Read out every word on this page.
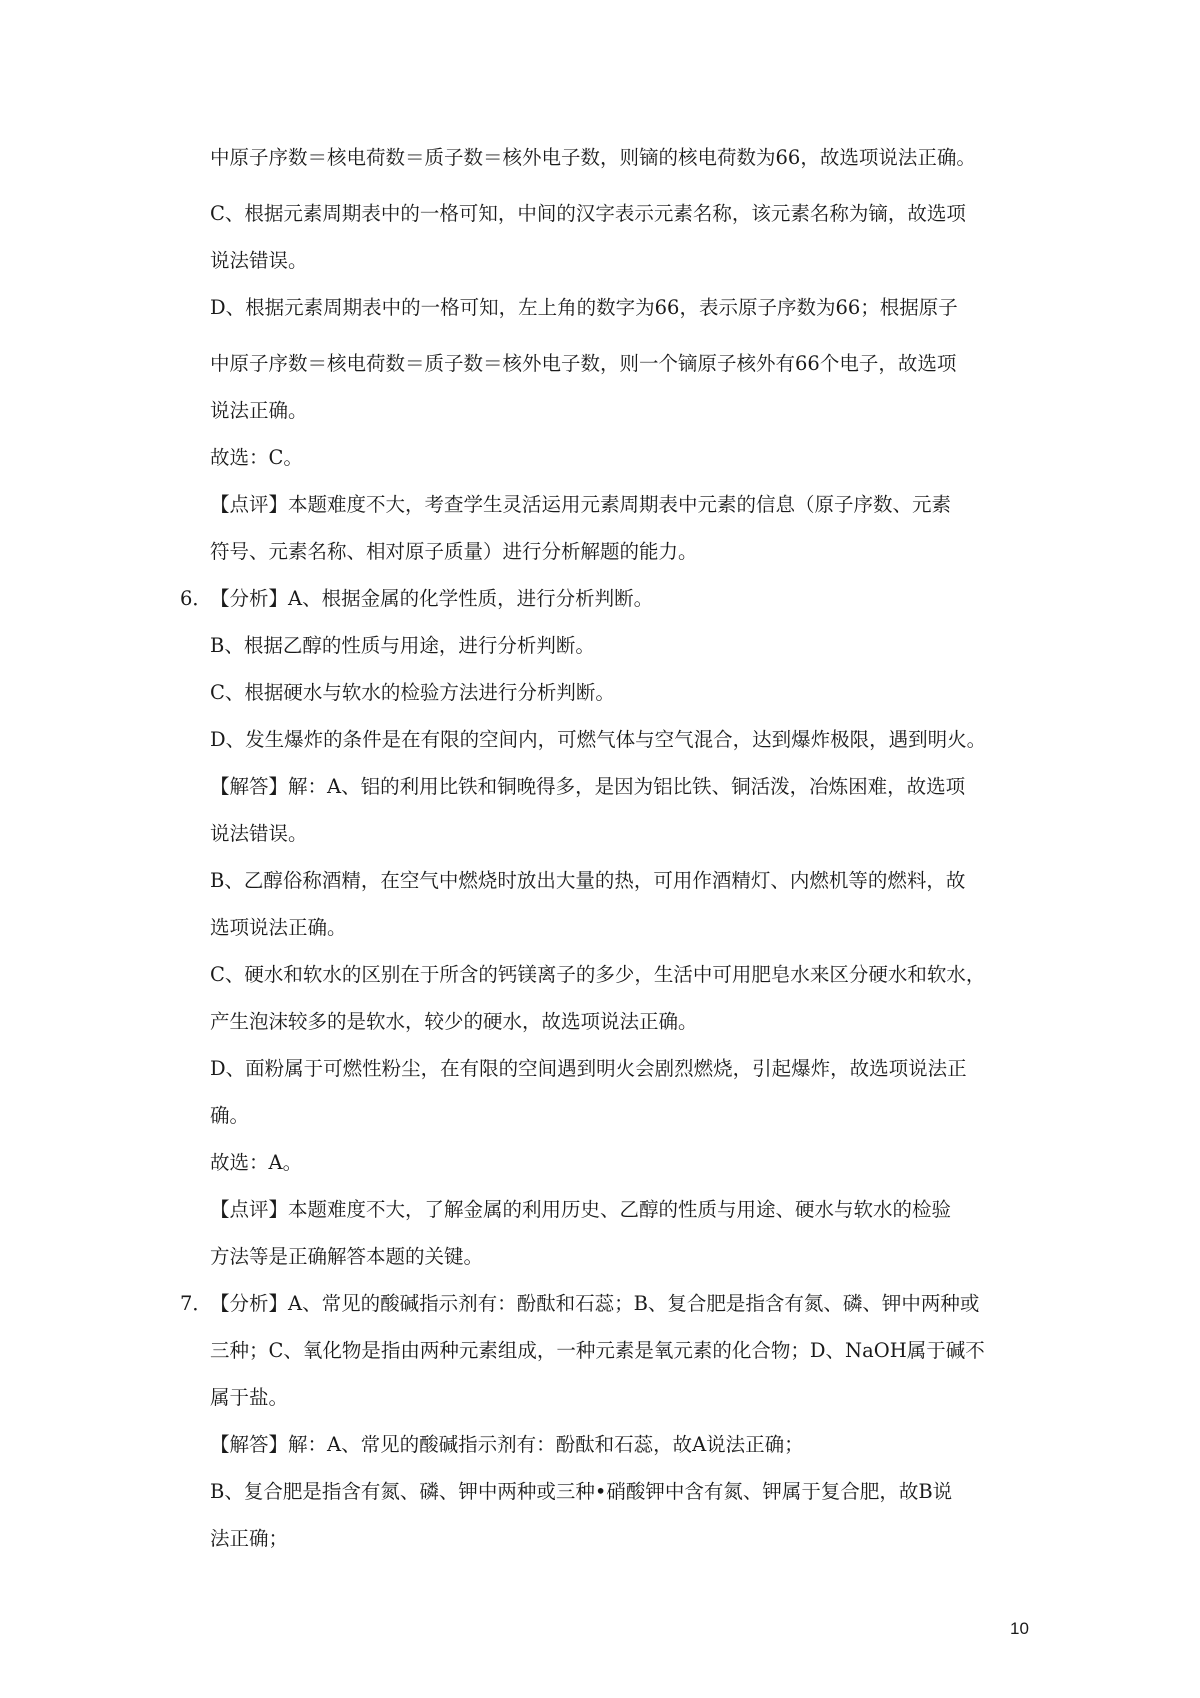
中原子序数＝核电荷数＝质子数＝核外电子数，则镝的核电荷数为66，故选项说法正确。
C、根据元素周期表中的一格可知，中间的汉字表示元素名称，该元素名称为镝，故选项
说法错误。
D、根据元素周期表中的一格可知，左上角的数字为66，表示原子序数为66；根据原子
中原子序数＝核电荷数＝质子数＝核外电子数，则一个镝原子核外有66个电子，故选项
说法正确。
故选：C。
【点评】本题难度不大，考查学生灵活运用元素周期表中元素的信息（原子序数、元素
符号、元素名称、相对原子质量）进行分析解题的能力。
6．
【分析】A、根据金属的化学性质，进行分析判断。
B、根据乙醇的性质与用途，进行分析判断。
C、根据硬水与软水的检验方法进行分析判断。
D、发生爆炸的条件是在有限的空间内，可燃气体与空气混合，达到爆炸极限，遇到明火。
【解答】解：A、铝的利用比铁和铜晚得多，是因为铝比铁、铜活泼，冶炼困难，故选项
说法错误。
B、乙醇俗称酒精，在空气中燃烧时放出大量的热，可用作酒精灯、内燃机等的燃料，故
选项说法正确。
C、硬水和软水的区别在于所含的钙镁离子的多少，生活中可用肥皂水来区分硬水和软水，
产生泡沫较多的是软水，较少的硬水，故选项说法正确。
D、面粉属于可燃性粉尘，在有限的空间遇到明火会剧烈燃烧，引起爆炸，故选项说法正
确。
故选：A。
【点评】本题难度不大，了解金属的利用历史、乙醇的性质与用途、硬水与软水的检验
方法等是正确解答本题的关键。
7．
【分析】A、常见的酸碱指示剂有：酚酞和石蕊；B、复合肥是指含有氮、磷、钾中两种或
三种；C、氧化物是指由两种元素组成，一种元素是氧元素的化合物；D、NaOH属于碱不
属于盐。
【解答】解：A、常见的酸碱指示剂有：酚酞和石蕊，故A说法正确；
B、复合肥是指含有氮、磷、钾中两种或三种•硝酸钾中含有氮、钾属于复合肥，故B说
法正确；
10
